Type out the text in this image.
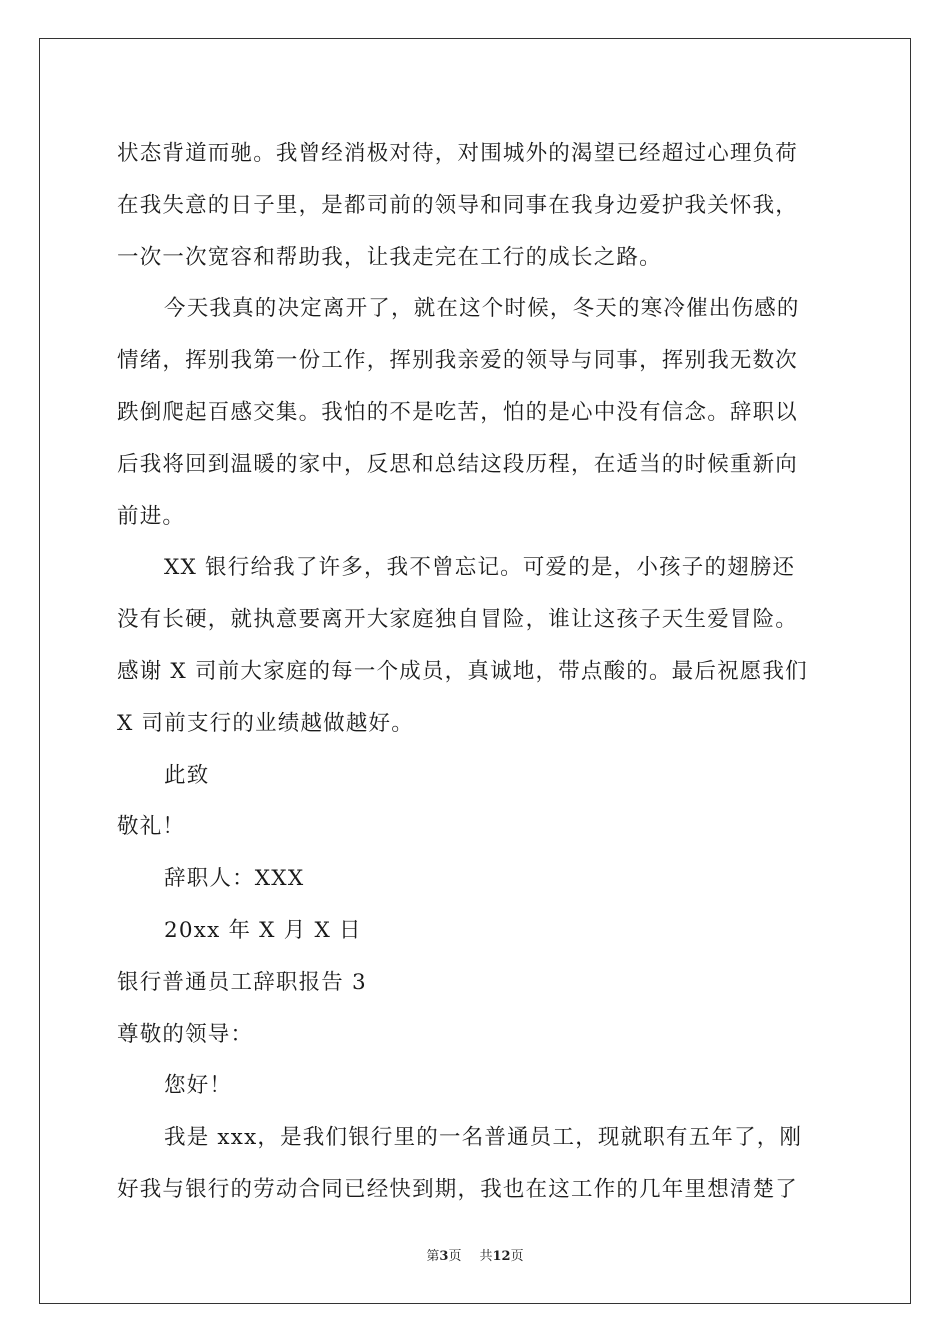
状态背道而驰。我曾经消极对待，对围城外的渴望已经超过心理负荷
在我失意的日子里，是都司前的领导和同事在我身边爱护我关怀我，
一次一次宽容和帮助我，让我走完在工行的成长之路。
今天我真的决定离开了，就在这个时候，冬天的寒冷催出伤感的
情绪，挥别我第一份工作，挥别我亲爱的领导与同事，挥别我无数次
跌倒爬起百感交集。我怕的不是吃苦，怕的是心中没有信念。辞职以
后我将回到温暖的家中，反思和总结这段历程，在适当的时候重新向
前进。
XX 银行给我了许多，我不曾忘记。可爱的是，小孩子的翅膀还
没有长硬，就执意要离开大家庭独自冒险，谁让这孩子天生爱冒险。
感谢 X 司前大家庭的每一个成员，真诚地，带点酸的。最后祝愿我们
X 司前支行的业绩越做越好。
此致
敬礼！
辞职人：XXX
20xx 年 X 月 X 日
银行普通员工辞职报告 3
尊敬的领导：
您好！
我是 xxx，是我们银行里的一名普通员工，现就职有五年了，刚
好我与银行的劳动合同已经快到期，我也在这工作的几年里想清楚了
第3页 共12页
